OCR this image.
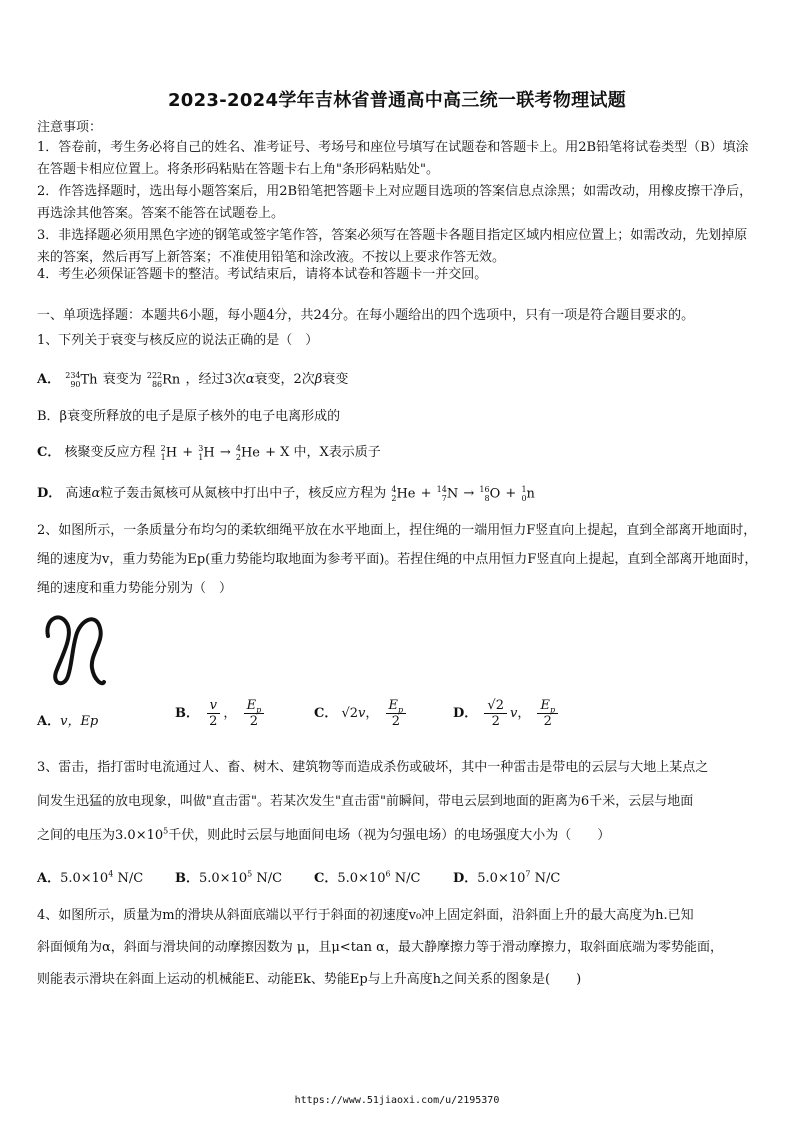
2023-2024学年吉林省普通高中高三统一联考物理试题
注意事项：
1．答卷前，考生务必将自己的姓名、准考证号、考场号和座位号填写在试题卷和答题卡上。用2B铅笔将试卷类型（B）填涂在答题卡相应位置上。将条形码粘贴在答题卡右上角"条形码粘贴处"。
2．作答选择题时，选出每小题答案后，用2B铅笔把答题卡上对应题目选项的答案信息点涂黑；如需改动，用橡皮擦干净后，再选涂其他答案。答案不能答在试题卷上。
3．非选择题必须用黑色字迹的钢笔或签字笔作答，答案必须写在答题卡各题目指定区域内相应位置上；如需改动，先划掉原来的答案，然后再写上新答案；不准使用铅笔和涂改液。不按以上要求作答无效。
4．考生必须保证答题卡的整洁。考试结束后，请将本试卷和答题卡一并交回。
一、单项选择题：本题共6小题，每小题4分，共24分。在每小题给出的四个选项中，只有一项是符合题目要求的。
1、下列关于衰变与核反应的说法正确的是（　）
A． 234
90 Th 衰变为 222
86 Rn ，经过3次α衰变，2次β衰变
B．β衰变所释放的电子是原子核外的电子电离形成的
C． 核聚变反应方程 2
1 H + 3
1 H → 4
2 He + X 中，X表示质子
D． 高速α粒子轰击氮核可从氮核中打出中子，核反应方程为 4
2 He + 14
7 N → 16
8 O + 1
0 n
2、如图所示，一条质量分布均匀的柔软细绳平放在水平地面上，捏住绳的一端用恒力F竖直向上提起，直到全部离开地面时，绳的速度为v，重力势能为Ep(重力势能均取地面为参考平面)。若捏住绳的中点用恒力F竖直向上提起，直到全部离开地面时，绳的速度和重力势能分别为（　）
A．v，Ep
B． $\frac{v}{2}$ ， $\frac{E_p}{2}$	C． √2v， $\frac{E_p}{2}$	D． $\frac{√2}{2}$ v， $\frac{E_p}{2}$
3、雷击，指打雷时电流通过人、畜、树木、建筑物等而造成杀伤或破坏，其中一种雷击是带电的云层与大地上某点之
间发生迅猛的放电现象，叫做"直击雷"。若某次发生"直击雷"前瞬间，带电云层到地面的距离为6千米，云层与地面
之间的电压为$3.0\times 10^5$千伏，则此时云层与地面间电场（视为匀强电场）的电场强度大小为（　　）
A．$5.0\times 10^4$ N/C B．$5.0\times 10^5$ N/C C．$5.0\times 10^6$ N/C	D．$5.0\times 10^7$ N/C
4、如图所示，质量为m的滑块从斜面底端以平行于斜面的初速度v₀冲上固定斜面，沿斜面上升的最大高度为h.已知
斜面倾角为α，斜面与滑块间的动摩擦因数为 μ，且μ<tan α，最大静摩擦力等于滑动摩擦力，取斜面底端为零势能面，
则能表示滑块在斜面上运动的机械能E、动能Ek、势能Ep与上升高度h之间关系的图象是(　　)
https://www.51jiaoxi.com/u/2195370
